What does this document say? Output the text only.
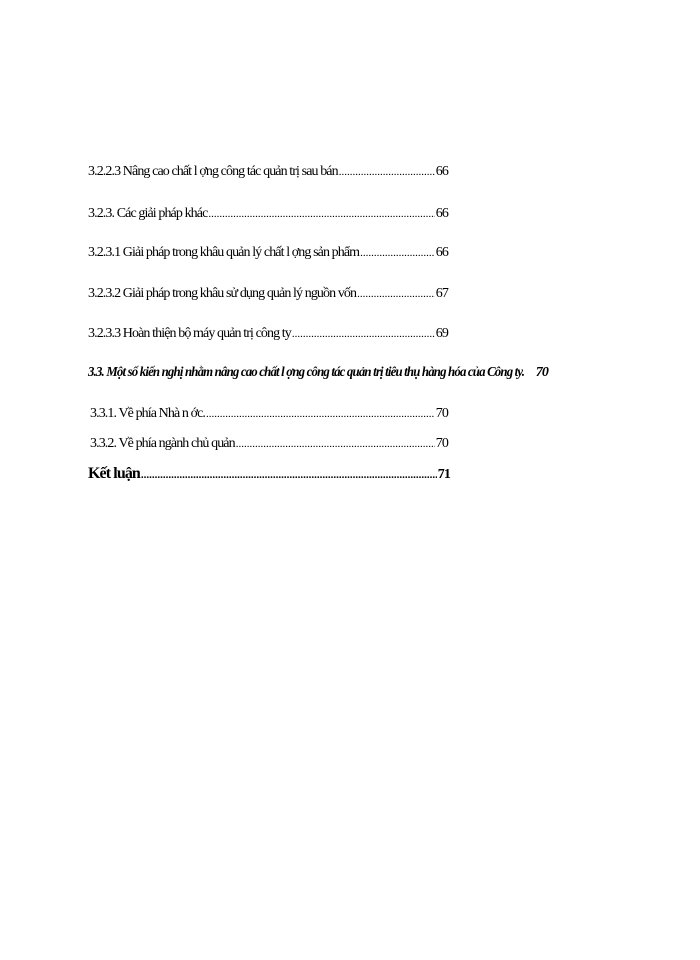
3.2.2.3 Nâng cao chất l ợng công tác quản trị sau bán .....	66
3.2.3. Các giải pháp khác .....	66
3.2.3.1 Giải pháp trong khâu quản lý chất l ợng sản phẩm .....	66
3.2.3.2 Giải pháp trong khâu sử dụng quản lý nguồn vốn .....	67
3.2.3.3 Hoàn thiện bộ máy quản trị công ty .....	69
3.3. Một số kiến nghị nhằm nâng cao chất l ợng công tác quản trị tiêu thụ hàng hóa của Công ty. 70
3.3.1. Về phía Nhà n ớc. .....	70
3.3.2. Về phía ngành chủ quản .....	70
Kết luận .....	71
